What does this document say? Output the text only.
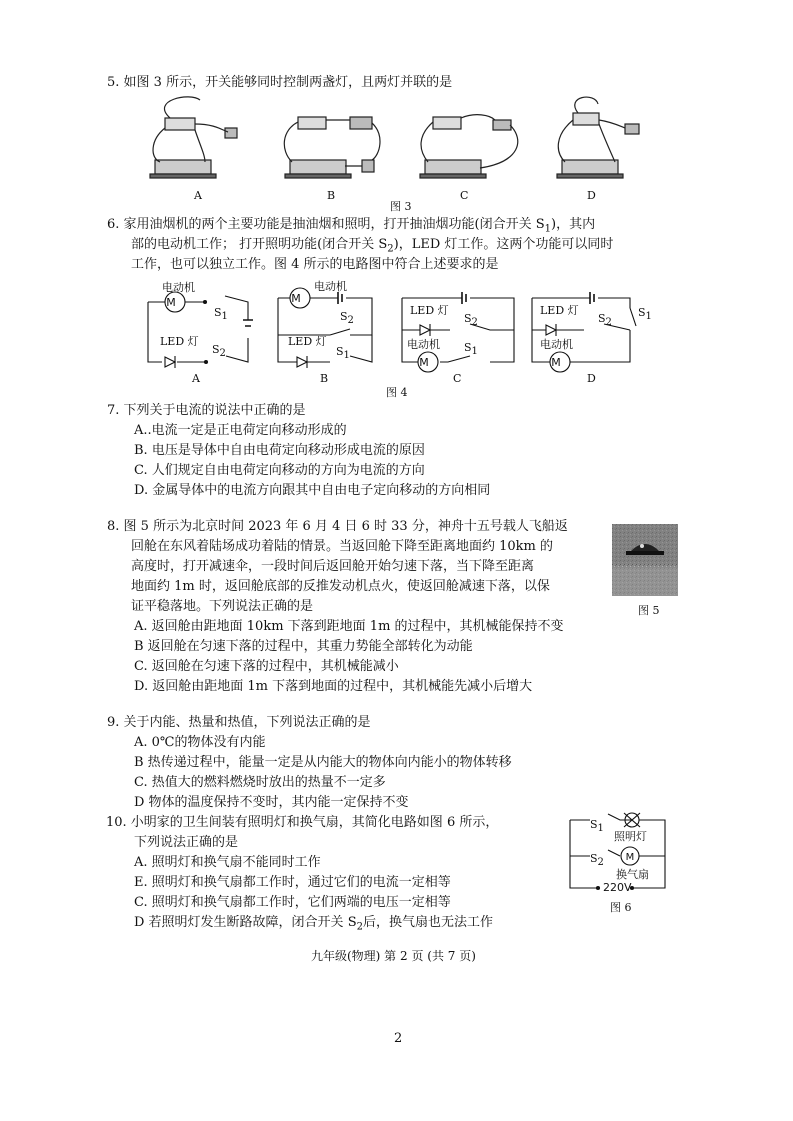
5. 如图 3 所示，开关能够同时控制两盏灯，且两灯并联的是
A	B	C	D
图 3
6. 家用油烟机的两个主要功能是抽油烟和照明，打开抽油烟功能(闭合开关 $S_1$)，其内
部的电动机工作； 打开照明功能(闭合开关 $S_2$)，LED 灯工作。这两个功能可以同时
工作，也可以独立工作。图 4 所示的电路图中符合上述要求的是
M	M
M	M
电动机
$S_1$
LED 灯
$S_2$
A
电动机
$S_2$
LED 灯
$S_1$
B
LED 灯
$S_2$
电动机 $S_1$
C
LED 灯
$S_2$
$S_1$
电动机
D
图 4
7. 下列关于电流的说法中正确的是
A..电流一定是正电荷定向移动形成的
B. 电压是导体中自由电荷定向移动形成电流的原因
C. 人们规定自由电荷定向移动的方向为电流的方向
D. 金属导体中的电流方向跟其中自由电子定向移动的方向相同
8. 图 5 所示为北京时间 2023 年 6 月 4 日 6 时 33 分，神舟十五号载人飞船返
回舱在东风着陆场成功着陆的情景。当返回舱下降至距离地面约 10km 的
高度时，打开减速伞，一段时间后返回舱开始匀速下落，当下降至距离
地面约 1m 时，返回舱底部的反推发动机点火，使返回舱减速下落，以保
证平稳落地。下列说法正确的是
A. 返回舱由距地面 10km 下落到距地面 1m 的过程中，其机械能保持不变
B 返回舱在匀速下落的过程中，其重力势能全部转化为动能
C. 返回舱在匀速下落的过程中，其机械能减小
D. 返回舱由距地面 1m 下落到地面的过程中，其机械能先减小后增大
图 5
9. 关于内能、热量和热值，下列说法正确的是
A. 0℃的物体没有内能
B 热传递过程中，能量一定是从内能大的物体向内能小的物体转移
C. 热值大的燃料燃烧时放出的热量不一定多
D 物体的温度保持不变时，其内能一定保持不变
10. 小明家的卫生间装有照明灯和换气扇，其简化电路如图 6 所示，
下列说法正确的是
A. 照明灯和换气扇不能同时工作
E. 照明灯和换气扇都工作时，通过它们的电流一定相等
C. 照明灯和换气扇都工作时，它们两端的电压一定相等
D 若照明灯发生断路故障，闭合开关 $S_2$后，换气扇也无法工作
M
$S_1$
照明灯
$S_2$
换气扇
220V
图 6
九年级(物理) 第 2 页 (共 7 页)
2
